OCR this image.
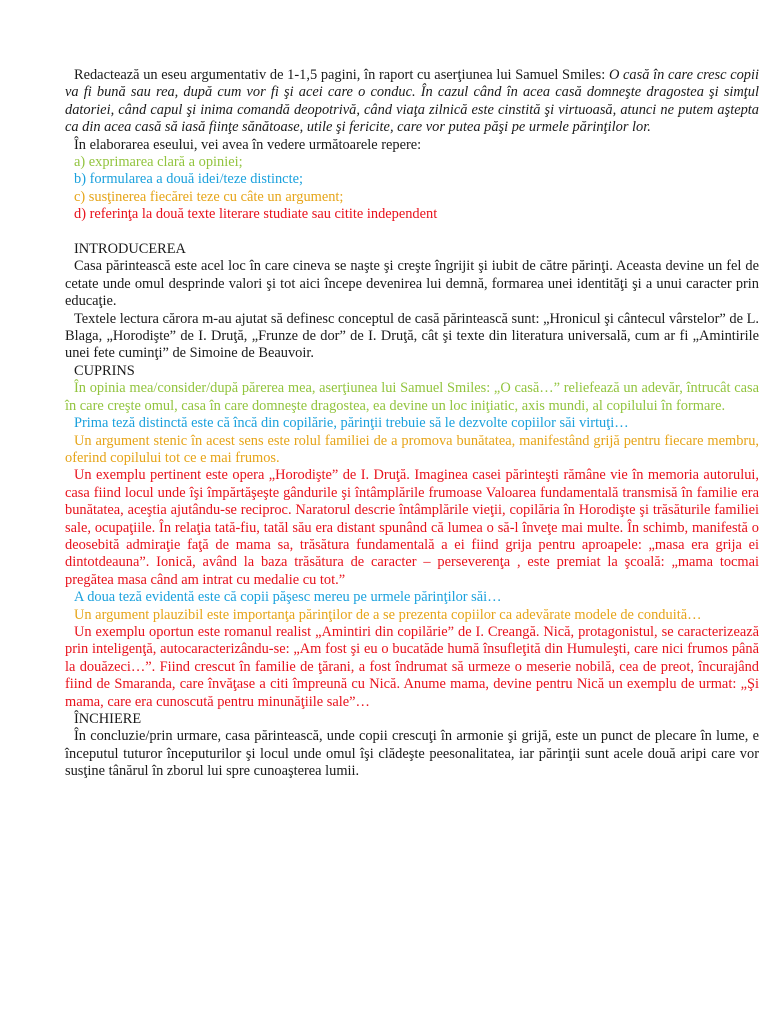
Redactează un eseu argumentativ de 1-1,5 pagini, în raport cu aserţiunea lui Samuel Smiles: O casă în care cresc copii va fi bună sau rea, după cum vor fi şi acei care o conduc. În cazul când în acea casă domneşte dragostea şi simţul datoriei, când capul şi inima comandă deopotrivă, când viaţa zilnică este cinstită şi virtuoasă, atunci ne putem aştepta ca din acea casă să iasă fiinţe sănătoase, utile şi fericite, care vor putea păşi pe urmele părinţilor lor.

În elaborarea eseului, vei avea în vedere următoarele repere:

a) exprimarea clară a opiniei;

b) formularea a două idei/teze distincte;

c) susţinerea fiecărei teze cu câte un argument;

d) referinţa la două texte literare studiate sau citite independent

INTRODUCEREA

Casa părintească este acel loc în care cineva se naşte şi creşte îngrijit şi iubit de către părinţi. Aceasta devine un fel de cetate unde omul desprinde valori şi tot aici începe devenirea lui demnă, formarea unei identităţi şi a unui caracter prin educaţie.

Textele lectura cărora m-au ajutat să definesc conceptul de casă părintească sunt: „Hronicul şi cântecul vârstelor” de L. Blaga, „Horodişte” de I. Druţă, „Frunze de dor” de I. Druţă, cât şi texte din literatura universală, cum ar fi „Amintirile unei fete cuminţi” de Simoine de Beauvoir.

CUPRINS

În opinia mea/consider/după părerea mea, aserţiunea lui Samuel Smiles: „O casă…” reliefează un adevăr, întrucât casa în care creşte omul, casa în care domneşte dragostea, ea devine un loc iniţiatic, axis mundi, al copilului în formare.

Prima teză distinctă este că încă din copilărie, părinţii trebuie să le dezvolte copiilor săi virtuţi…

Un argument stenic în acest sens este rolul familiei de a promova bunătatea, manifestând grijă pentru fiecare membru, oferind copilului tot ce e mai frumos.

Un exemplu pertinent este opera „Horodişte” de I. Druţă. Imaginea casei părinteşti rămâne vie în memoria autorului, casa fiind locul unde îşi împărtăşeşte gândurile şi întâmplările frumoase Valoarea fundamentală transmisă în familie era bunătatea, aceştia ajutându-se reciproc. Naratorul descrie întâmplările vieţii, copilăria în Horodişte şi trăsăturile familiei sale, ocupaţiile. În relaţia tată-fiu, tatăl său era distant spunând că lumea o să-l înveţe mai multe. În schimb, manifestă o deosebită admiraţie faţă de mama sa, trăsătura fundamentală a ei fiind grija pentru aproapele: „masa era grija ei dintotdeauna”. Ionică, având la baza trăsătura de caracter – perseverenţa , este premiat la şcoală: „mama tocmai pregătea masa când am intrat cu medalie cu tot.”

A doua teză evidentă este că copii păşesc mereu pe urmele părinţilor săi…

Un argument plauzibil este importanţa părinţilor de a se prezenta copiilor ca adevărate modele de conduită…

Un exemplu oportun este romanul realist „Amintiri din copilărie” de I. Creangă. Nică, protagonistul, se caracterizează prin inteligenţă, autocaracterizându-se: „Am fost şi eu o bucatăde humă însufleţită din Humuleşti, care nici frumos până la douăzeci…”. Fiind crescut în familie de ţărani, a fost îndrumat să urmeze o meserie nobilă, cea de preot, încurajând fiind de Smaranda, care învăţase a citi împreună cu Nică. Anume mama, devine pentru Nică un exemplu de urmat: „Şi mama, care era cunoscută pentru minunăţiile sale”…

ÎNCHIERE

În concluzie/prin urmare, casa părintească, unde copii crescuţi în armonie şi grijă, este un punct de plecare în lume, e începutul tuturor începuturilor şi locul unde omul îşi clădeşte peesonalitatea, iar părinţii sunt acele două aripi care vor susţine tânărul în zborul lui spre cunoaşterea lumii.
